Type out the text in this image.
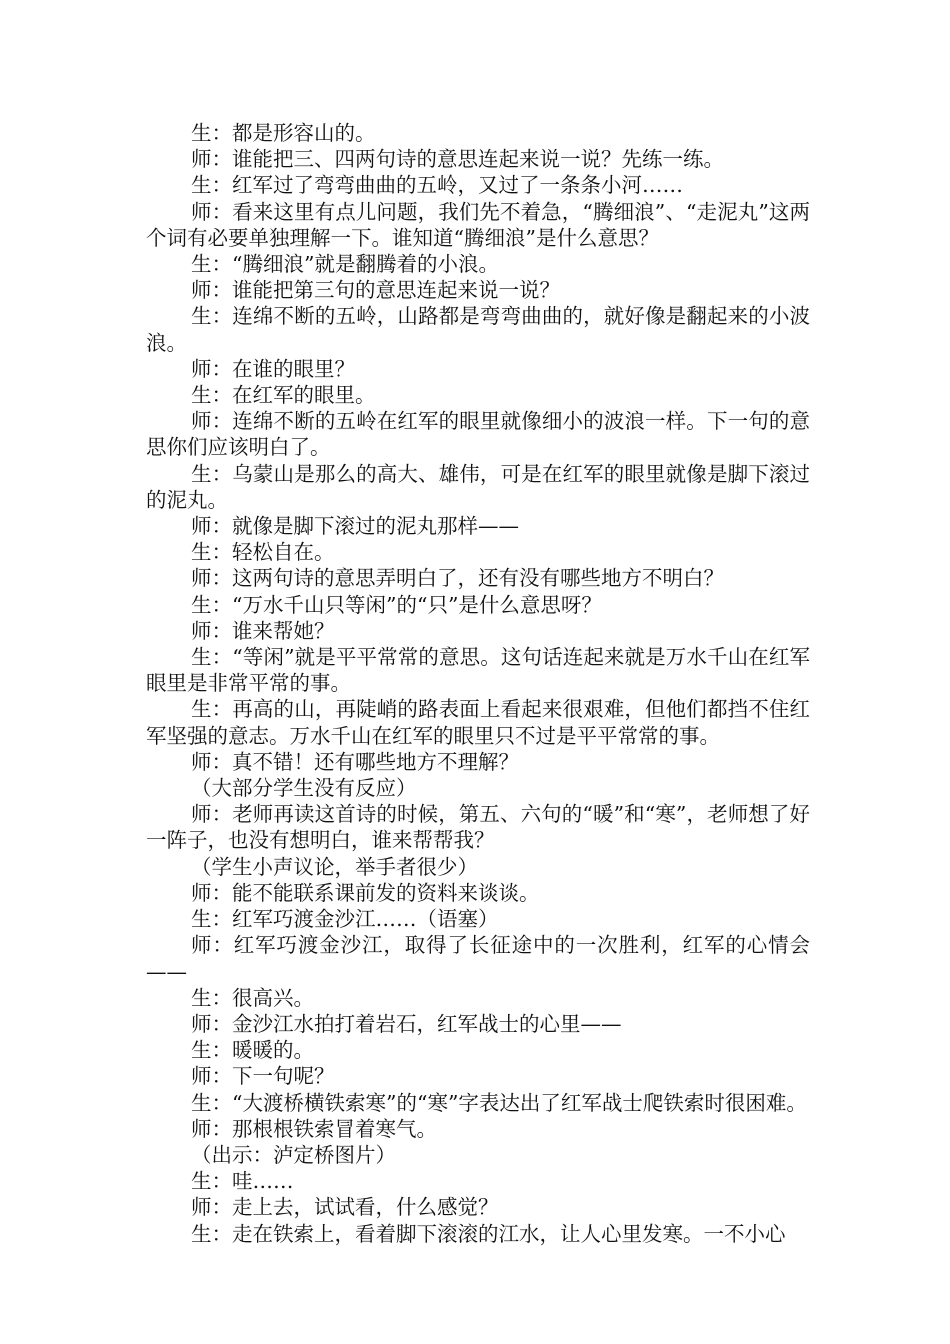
生：都是形容山的。

师：谁能把三、四两句诗的意思连起来说一说？先练一练。

生：红军过了弯弯曲曲的五岭，又过了一条条小河……

师：看来这里有点儿问题，我们先不着急，“腾细浪”、“走泥丸”这两个词有必要单独理解一下。谁知道“腾细浪”是什么意思？

生：“腾细浪”就是翻腾着的小浪。

师：谁能把第三句的意思连起来说一说？

生：连绵不断的五岭，山路都是弯弯曲曲的，就好像是翻起来的小波浪。

师：在谁的眼里？

生：在红军的眼里。

师：连绵不断的五岭在红军的眼里就像细小的波浪一样。下一句的意思你们应该明白了。

生：乌蒙山是那么的高大、雄伟，可是在红军的眼里就像是脚下滚过的泥丸。

师：就像是脚下滚过的泥丸那样——

生：轻松自在。

师：这两句诗的意思弄明白了，还有没有哪些地方不明白？

生：“万水千山只等闲”的“只”是什么意思呀？

师：谁来帮她？

生：“等闲”就是平平常常的意思。这句话连起来就是万水千山在红军眼里是非常平常的事。

生：再高的山，再陡峭的路表面上看起来很艰难，但他们都挡不住红军坚强的意志。万水千山在红军的眼里只不过是平平常常的事。

师：真不错！还有哪些地方不理解？

（大部分学生没有反应）

师：老师再读这首诗的时候，第五、六句的“暖”和“寒”，老师想了好一阵子，也没有想明白，谁来帮帮我？

（学生小声议论，举手者很少）

师：能不能联系课前发的资料来谈谈。

生：红军巧渡金沙江……（语塞）

师：红军巧渡金沙江，取得了长征途中的一次胜利，红军的心情会——

生：很高兴。

师：金沙江水拍打着岩石，红军战士的心里——

生：暖暖的。

师：下一句呢？

生：“大渡桥横铁索寒”的“寒”字表达出了红军战士爬铁索时很困难。

师：那根根铁索冒着寒气。

（出示：泸定桥图片）

生：哇……

师：走上去，试试看，什么感觉？

生：走在铁索上，看着脚下滚滚的江水，让人心里发寒。一不小心
